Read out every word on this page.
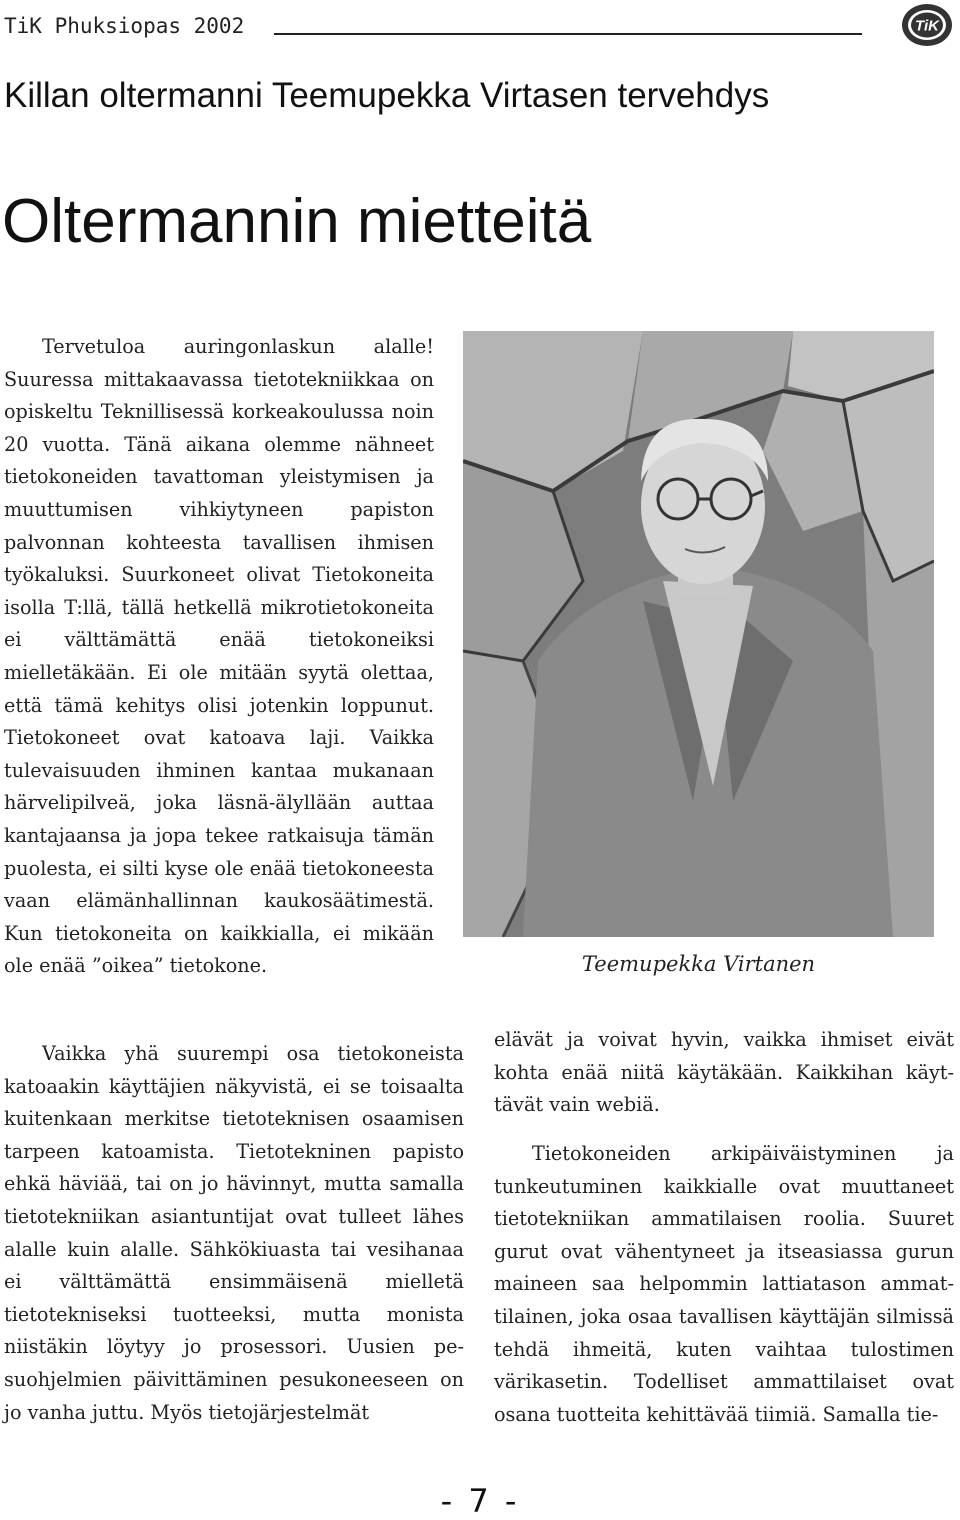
TiK Phuksiopas 2002	TiK
Killan oltermanni Teemupekka Virtasen tervehdys
Oltermannin mietteitä

Tervetuloa auringonlaskun alalle! Suuressa mittakaavassa tietotekniikkaa on opiskeltu Teknillisessä korkeakoulussa noin 20 vuotta. Tänä aikana olemme nähneet tietokoneiden tavattoman yleistymisen ja muuttumisen vihkiytyneen papiston palvonnan kohteesta tavallisen ihmisen työkaluksi. Suurkoneet olivat Tietokoneita isolla T:llä, tällä hetkellä mikrotietokoneita ei välttämättä enää tietokoneiksi mielletäkään. Ei ole mitään syytä olettaa, että tämä kehitys olisi jotenkin loppunut. Tietokoneet ovat katoava laji. Vaikka tulevaisuuden ihminen kantaa mukanaan härvelipilveä, joka läsnä-älyllään auttaa kantajaansa ja jopa tekee ratkaisuja tämän puolesta, ei silti kyse ole enää tietokoneesta vaan elämänhallinnan kaukosäätimestä. Kun tietokoneita on kaikkialla, ei mikään ole enää ”oikea” tietokone.

Vaikka yhä suurempi osa tietokoneista katoaakin käyttäjien näkyvistä, ei se toisaalta kuitenkaan merkitse tietoteknisen osaamisen tarpeen katoamista. Tietotekninen papisto ehkä häviää, tai on jo hävinnyt, mutta samalla tietotekniikan asiantuntijat ovat tulleet lähes alalle kuin alalle. Sähkökiuasta tai vesihanaa ei välttämättä ensimmäisenä mielletä tietotekniseksi tuotteeksi, mutta monista niistäkin löytyy jo prosessori. Uusien pesuohjelmien päivittäminen pesukoneeseen on jo vanha juttu. Myös tietojärjestelmät

elävät ja voivat hyvin, vaikka ihmiset eivät kohta enää niitä käytäkään. Kaikkihan käyttävät vain webiä.

Tietokoneiden arkipäiväistyminen ja tunkeutuminen kaikkialle ovat muuttaneet tietotekniikan ammatilaisen roolia. Suuret gurut ovat vähentyneet ja itseasiassa gurun maineen saa helpommin lattiatason ammattilainen, joka osaa tavallisen käyttäjän silmissä tehdä ihmeitä, kuten vaihtaa tulostimen värikasetin. Todelliset ammattilaiset ovat osana tuotteita kehittävää tiimiä. Samalla tie-

Teemupekka Virtanen
- 7 -
